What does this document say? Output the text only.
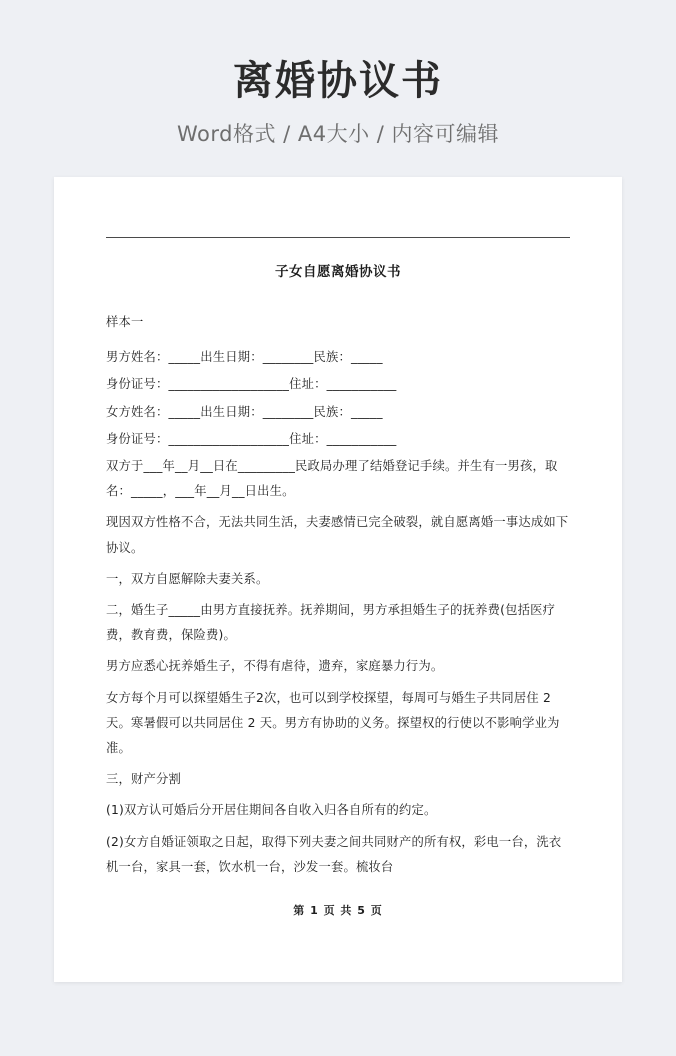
离婚协议书
Word格式 / A4大小 / 内容可编辑
子女自愿离婚协议书

样本一

男方姓名：_____出生日期：________民族：_____

身份证号：___________________住址：___________

女方姓名：_____出生日期：________民族：_____

身份证号：___________________住址：___________

双方于___年__月__日在_________民政局办理了结婚登记手续。并生有一男孩，取名：_____，___年__月__日出生。

现因双方性格不合，无法共同生活，夫妻感情已完全破裂，就自愿离婚一事达成如下协议。

一，双方自愿解除夫妻关系。

二，婚生子_____由男方直接抚养。抚养期间，男方承担婚生子的抚养费(包括医疗费，教育费，保险费)。

男方应悉心抚养婚生子，不得有虐待，遗弃，家庭暴力行为。

女方每个月可以探望婚生子2次，也可以到学校探望，每周可与婚生子共同居住 2 天。寒暑假可以共同居住 2 天。男方有协助的义务。探望权的行使以不影响学业为准。

三，财产分割

(1)双方认可婚后分开居住期间各自收入归各自所有的约定。

(2)女方自婚证领取之日起，取得下列夫妻之间共同财产的所有权，彩电一台，洗衣机一台，家具一套，饮水机一台，沙发一套。梳妆台

第 1 页 共 5 页
